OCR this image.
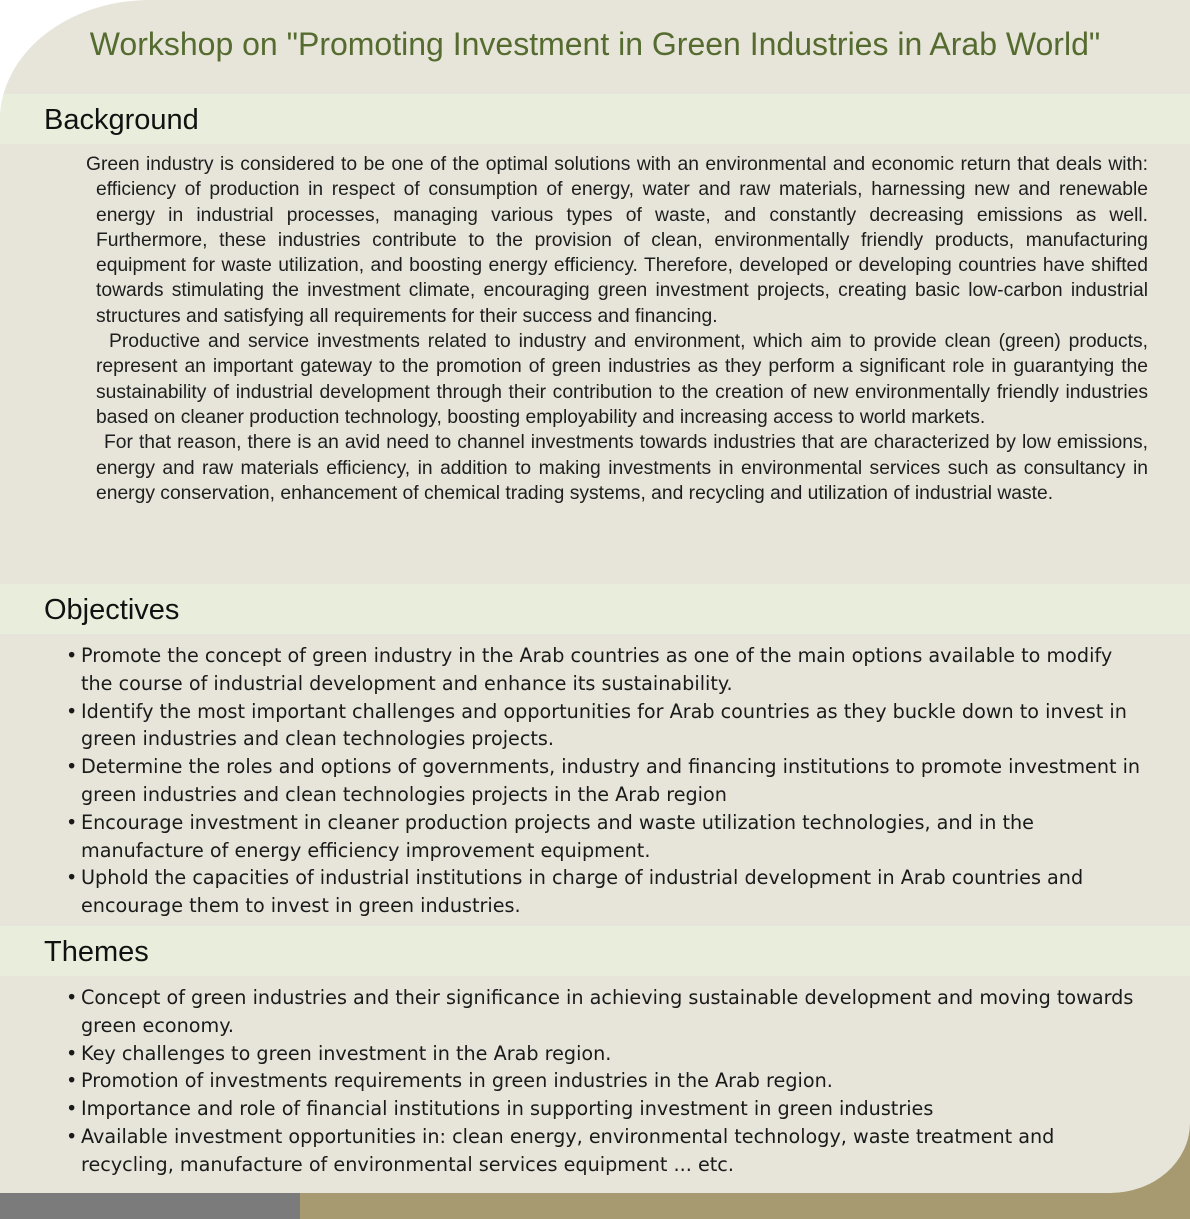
Workshop on "Promoting Investment in Green Industries in Arab World"
Background

Green industry is considered to be one of the optimal solutions with an environmental and economic return that deals with: efficiency of production in respect of consumption of energy, water and raw materials, harnessing new and renewable energy in industrial processes, managing various types of waste, and constantly decreasing emissions as well. Furthermore, these industries contribute to the provision of clean, environmentally friendly products, manufacturing equipment for waste utilization, and boosting energy efficiency. Therefore, developed or developing countries have shifted towards stimulating the investment climate, encouraging green investment projects, creating basic low-carbon industrial structures and satisfying all requirements for their success and financing.

Productive and service investments related to industry and environment, which aim to provide clean (green) products, represent an important gateway to the promotion of green industries as they perform a significant role in guarantying the sustainability of industrial development through their contribution to the creation of new environmentally friendly industries based on cleaner production technology, boosting employability and increasing access to world markets.

For that reason, there is an avid need to channel investments towards industries that are characterized by low emissions, energy and raw materials efficiency, in addition to making investments in environmental services such as consultancy in energy conservation, enhancement of chemical trading systems, and recycling and utilization of industrial waste.

Objectives
• Promote the concept of green industry in the Arab countries as one of the main options available to modify the course of industrial development and enhance its sustainability.
• Identify the most important challenges and opportunities for Arab countries as they buckle down to invest in green industries and clean technologies projects.
• Determine the roles and options of governments, industry and financing institutions to promote investment in green industries and clean technologies projects in the Arab region
• Encourage investment in cleaner production projects and waste utilization technologies, and in the manufacture of energy efficiency improvement equipment.
• Uphold the capacities of industrial institutions in charge of industrial development in Arab countries and encourage them to invest in green industries.
Themes
• Concept of green industries and their significance in achieving sustainable development and moving towards green economy.
• Key challenges to green investment in the Arab region.
• Promotion of investments requirements in green industries in the Arab region.
• Importance and role of financial institutions in supporting investment in green industries
• Available investment opportunities in: clean energy, environmental technology, waste treatment and recycling, manufacture of environmental services equipment ... etc.
